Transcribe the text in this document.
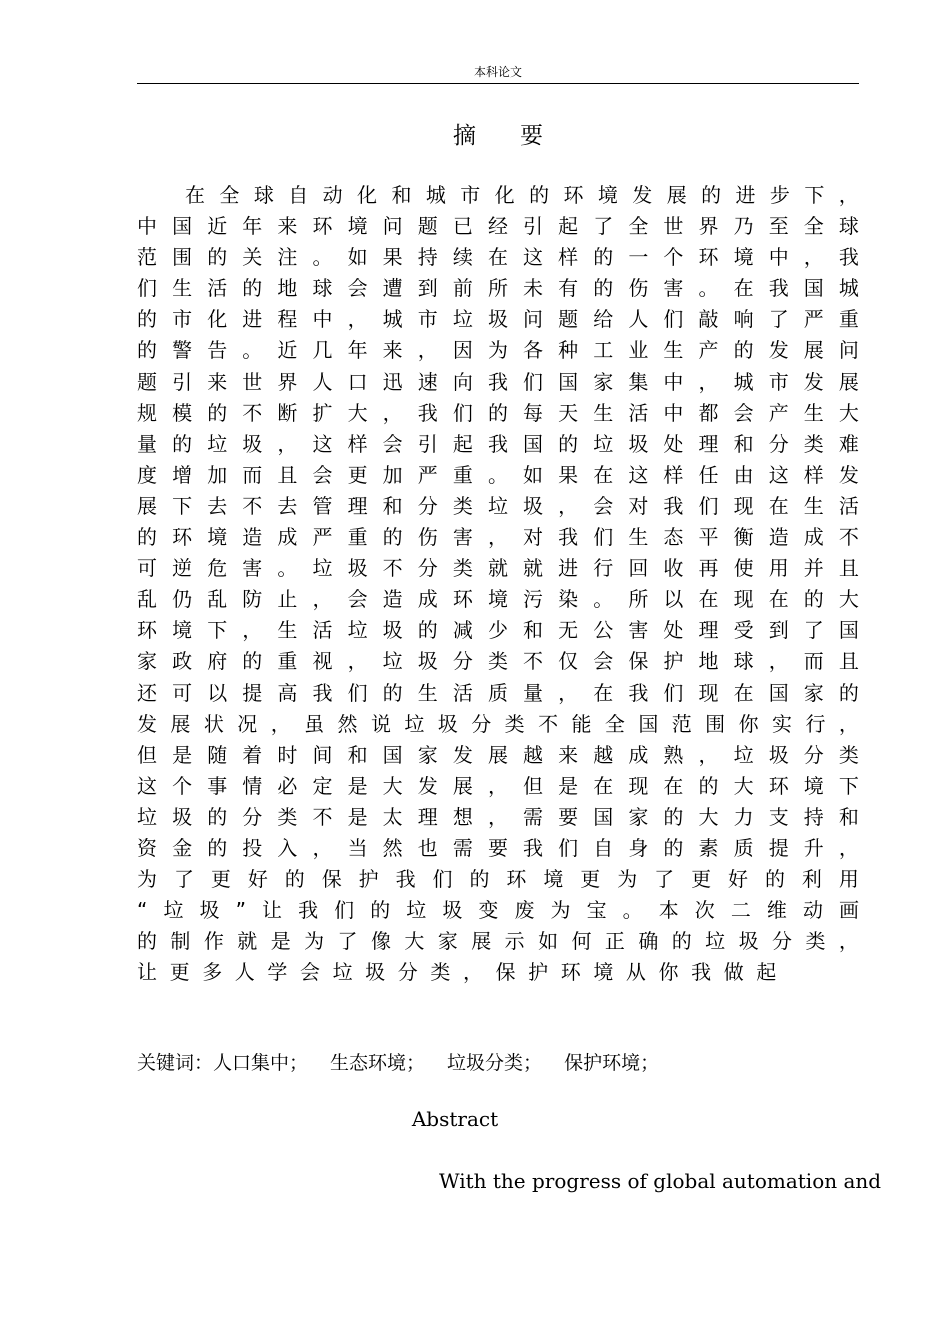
本科论文
摘要
在 全 球 自 动 化 和 城 市 化 的 环 境 发 展 的 进 步 下 ，
中 国 近 年 来 环 境 问 题 已 经 引 起 了 全 世 界 乃 至 全 球
范 围 的 关 注 。 如 果 持 续 在 这 样 的 一 个 环 境 中 ， 我
们 生 活 的 地 球 会 遭 到 前 所 未 有 的 伤 害 。 在 我 国 城
的 市 化 进 程 中 ， 城 市 垃 圾 问 题 给 人 们 敲 响 了 严 重
的 警 告 。 近 几 年 来 ， 因 为 各 种 工 业 生 产 的 发 展 问
题 引 来 世 界 人 口 迅 速 向 我 们 国 家 集 中 ， 城 市 发 展
规 模 的 不 断 扩 大 ， 我 们 的 每 天 生 活 中 都 会 产 生 大
量 的 垃 圾 ， 这 样 会 引 起 我 国 的 垃 圾 处 理 和 分 类 难
度 增 加 而 且 会 更 加 严 重 。 如 果 在 这 样 任 由 这 样 发
展 下 去 不 去 管 理 和 分 类 垃 圾 ， 会 对 我 们 现 在 生 活
的 环 境 造 成 严 重 的 伤 害 ， 对 我 们 生 态 平 衡 造 成 不
可 逆 危 害 。 垃 圾 不 分 类 就 就 进 行 回 收 再 使 用 并 且
乱 仍 乱 防 止 ， 会 造 成 环 境 污 染 。 所 以 在 现 在 的 大
环 境 下 ， 生 活 垃 圾 的 减 少 和 无 公 害 处 理 受 到 了 国
家 政 府 的 重 视 ， 垃 圾 分 类 不 仅 会 保 护 地 球 ， 而 且
还 可 以 提 高 我 们 的 生 活 质 量 ， 在 我 们 现 在 国 家 的
发 展 状 况 ， 虽 然 说 垃 圾 分 类 不 能 全 国 范 围 你 实 行 ，
但 是 随 着 时 间 和 国 家 发 展 越 来 越 成 熟 ， 垃 圾 分 类
这 个 事 情 必 定 是 大 发 展 ， 但 是 在 现 在 的 大 环 境 下
垃 圾 的 分 类 不 是 太 理 想 ， 需 要 国 家 的 大 力 支 持 和
资 金 的 投 入 ， 当 然 也 需 要 我 们 自 身 的 素 质 提 升 ，
为 了 更 好 的 保 护 我 们 的 环 境 更 为 了 更 好 的 利 用
“ 垃 圾 ” 让 我 们 的 垃 圾 变 废 为 宝 。 本 次 二 维 动 画
的 制 作 就 是 为 了 像 大 家 展 示 如 何 正 确 的 垃 圾 分 类 ，
让 更 多 人 学 会 垃 圾 分 类 ， 保 护 环 境 从 你 我 做 起
关键词：人口集中； 生态环境； 垃圾分类； 保护环境；
Abstract
With the progress of global automation and
